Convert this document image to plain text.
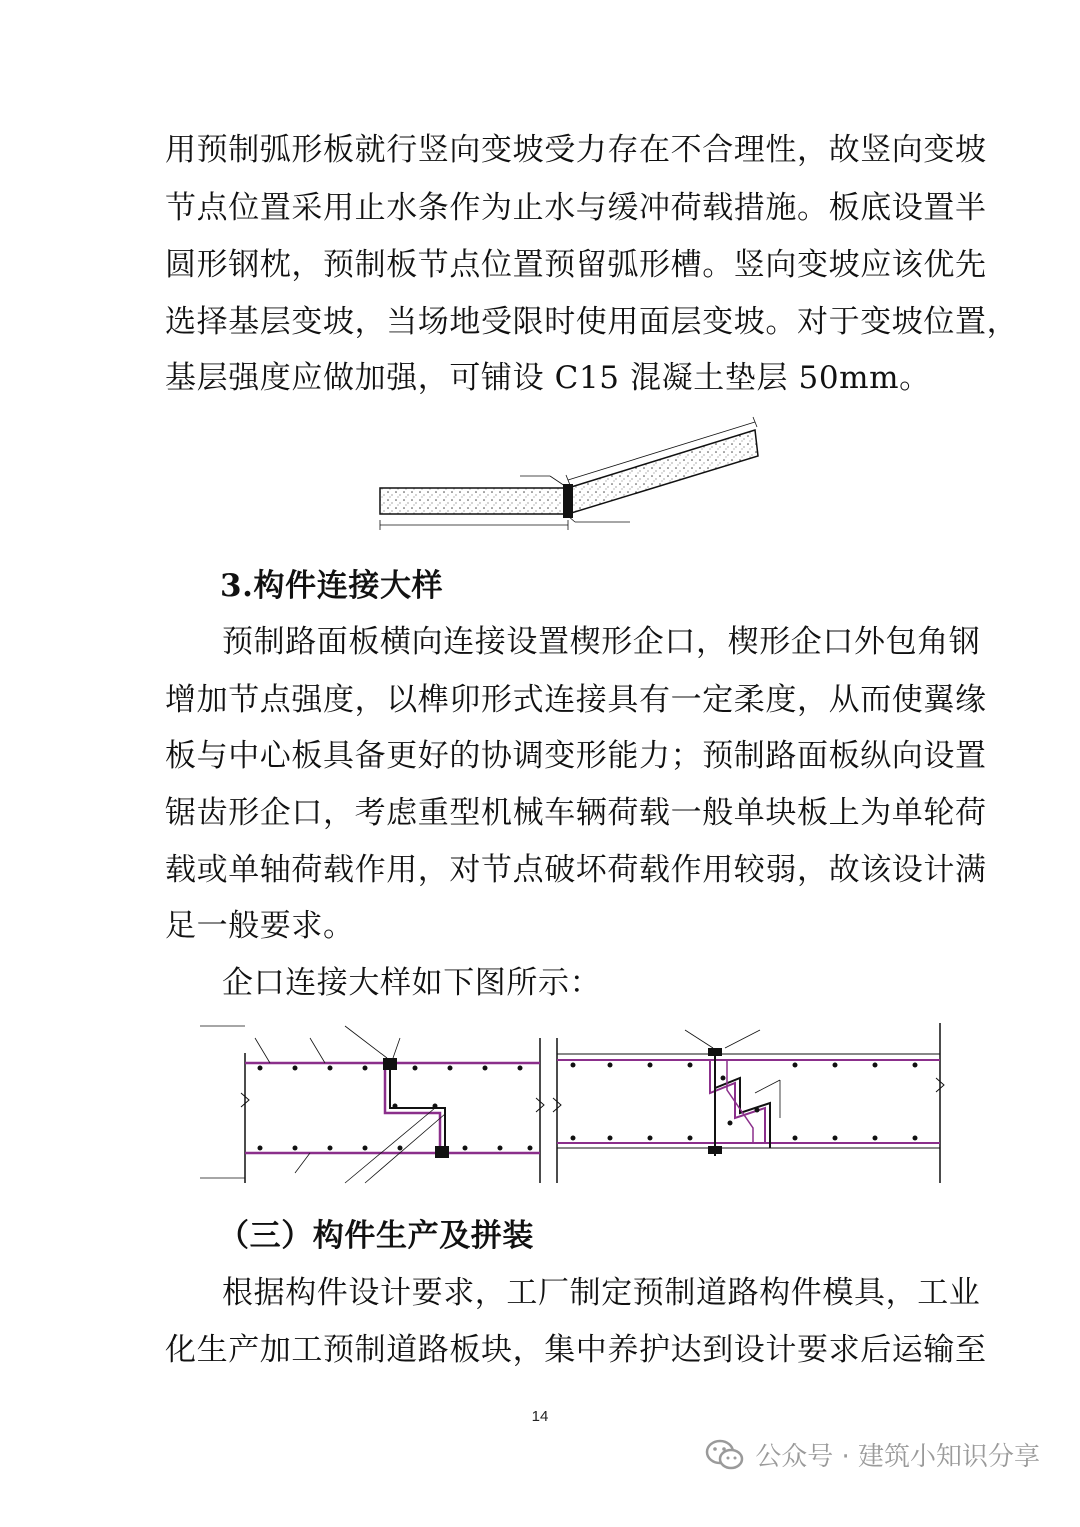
用预制弧形板就行竖向变坡受力存在不合理性，故竖向变坡
节点位置采用止水条作为止水与缓冲荷载措施。板底设置半
圆形钢枕，预制板节点位置预留弧形槽。竖向变坡应该优先
选择基层变坡，当场地受限时使用面层变坡。对于变坡位置，
基层强度应做加强，可铺设 C15 混凝土垫层 50mm。
3.构件连接大样
预制路面板横向连接设置楔形企口，楔形企口外包角钢
增加节点强度，以榫卯形式连接具有一定柔度，从而使翼缘
板与中心板具备更好的协调变形能力；预制路面板纵向设置
锯齿形企口，考虑重型机械车辆荷载一般单块板上为单轮荷
载或单轴荷载作用，对节点破坏荷载作用较弱，故该设计满
足一般要求。
企口连接大样如下图所示：
（三）构件生产及拼装
根据构件设计要求，工厂制定预制道路构件模具，工业
化生产加工预制道路板块，集中养护达到设计要求后运输至
14
公众号 · 建筑小知识分享
